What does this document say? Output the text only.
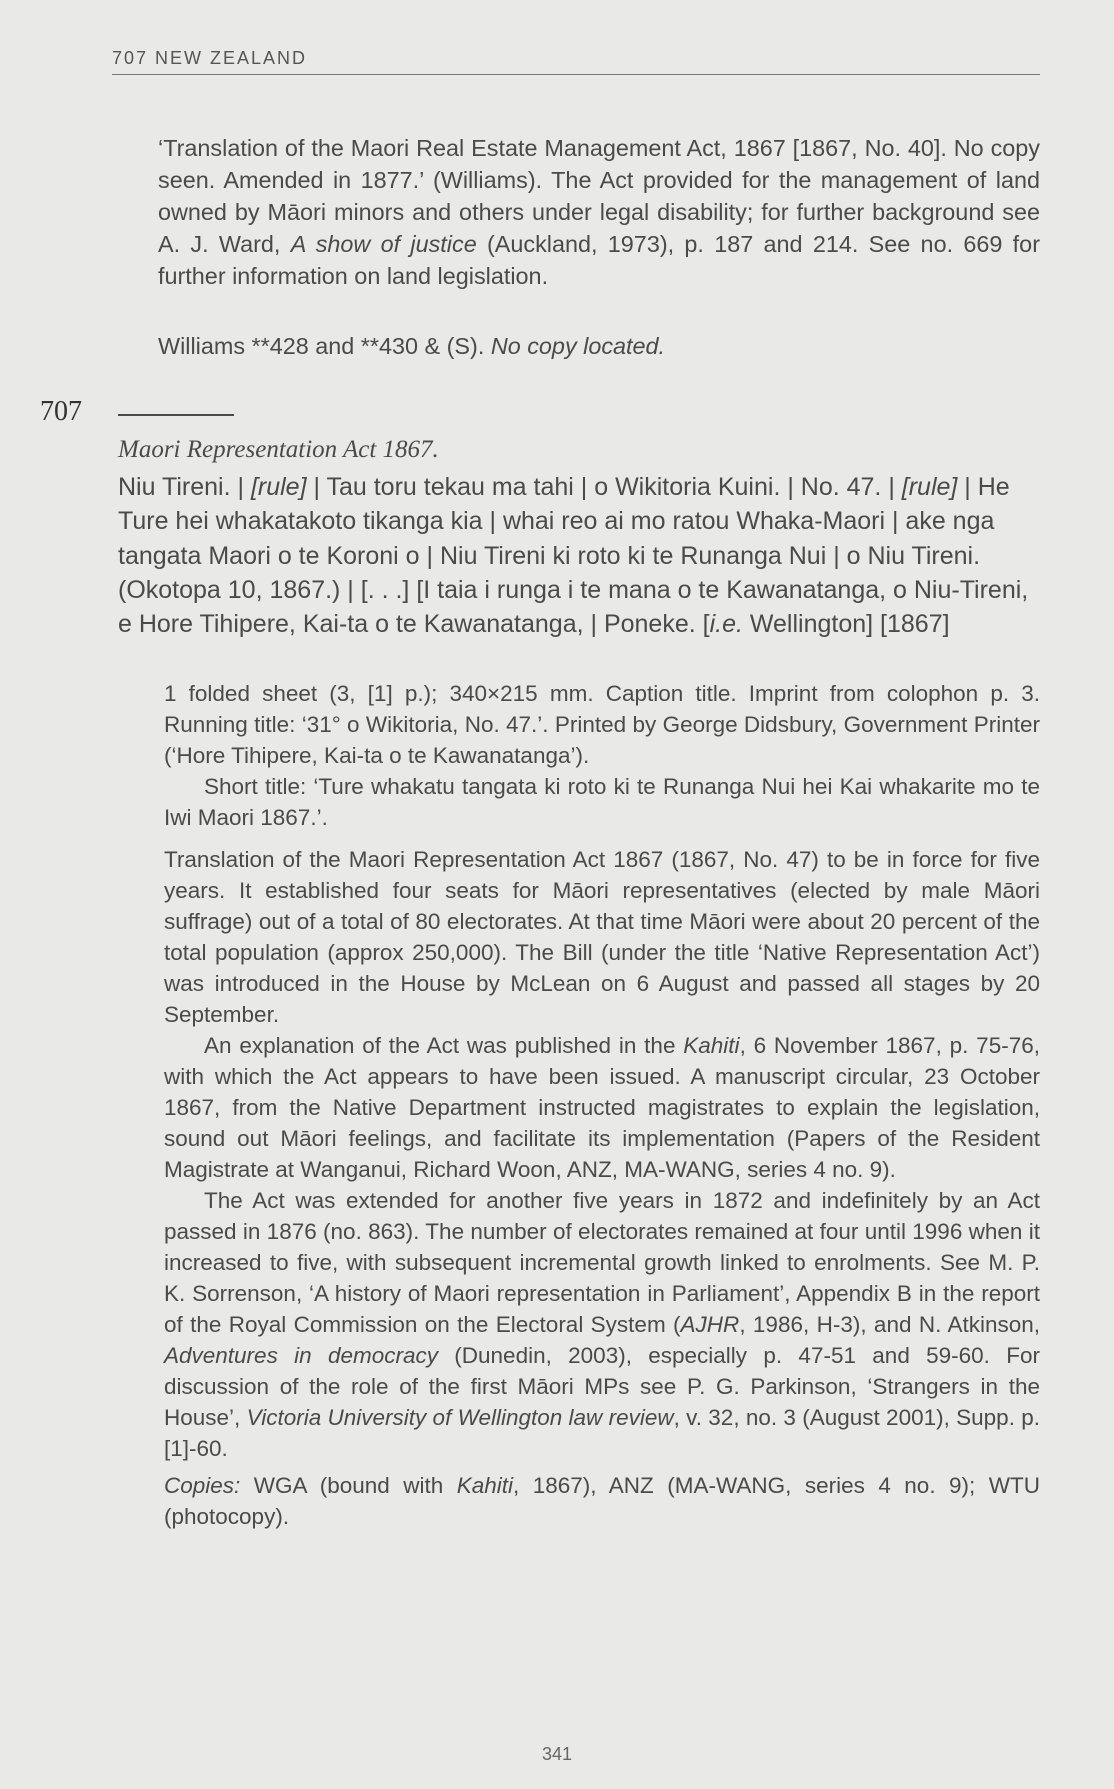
707 NEW ZEALAND

‘Translation of the Maori Real Estate Management Act, 1867 [1867, No. 40]. No copy seen. Amended in 1877.’ (Williams). The Act provided for the management of land owned by Māori minors and others under legal disability; for further background see A. J. Ward, A show of justice (Auckland, 1973), p. 187 and 214. See no. 669 for further information on land legislation.

Williams **428 and **430 & (S). No copy located.

707
Maori Representation Act 1867.

Niu Tireni. | [rule] | Tau toru tekau ma tahi | o Wikitoria Kuini. | No. 47. | [rule] | He Ture hei whakatakoto tikanga kia | whai reo ai mo ratou Whaka-Maori | ake nga tangata Maori o te Koroni o | Niu Tireni ki roto ki te Runanga Nui | o Niu Tireni. (Okotopa 10, 1867.) | [. . .] [I taia i runga i te mana o te Kawanatanga, o Niu-Tireni, e Hore Tihipere, Kai-ta o te Kawanatanga, | Poneke. [i.e. Wellington] [1867]

1 folded sheet (3, [1] p.); 340×215 mm. Caption title. Imprint from colophon p. 3. Running title: ‘31° o Wikitoria, No. 47.’. Printed by George Didsbury, Government Printer (‘Hore Tihipere, Kai-ta o te Kawanatanga’).

Short title: ‘Ture whakatu tangata ki roto ki te Runanga Nui hei Kai whakarite mo te Iwi Maori 1867.’.

Translation of the Maori Representation Act 1867 (1867, No. 47) to be in force for five years. It established four seats for Māori representatives (elected by male Māori suffrage) out of a total of 80 electorates. At that time Māori were about 20 percent of the total population (approx 250,000). The Bill (under the title ‘Native Representation Act’) was introduced in the House by McLean on 6 August and passed all stages by 20 September.

An explanation of the Act was published in the Kahiti, 6 November 1867, p. 75-76, with which the Act appears to have been issued. A manuscript circular, 23 October 1867, from the Native Department instructed magistrates to explain the legislation, sound out Māori feelings, and facilitate its implementation (Papers of the Resident Magistrate at Wanganui, Richard Woon, ANZ, MA-WANG, series 4 no. 9).

The Act was extended for another five years in 1872 and indefinitely by an Act passed in 1876 (no. 863). The number of electorates remained at four until 1996 when it increased to five, with subsequent incremental growth linked to enrolments. See M. P. K. Sorrenson, ‘A history of Maori representation in Parliament’, Appendix B in the report of the Royal Commission on the Electoral System (AJHR, 1986, H-3), and N. Atkinson, Adventures in democracy (Dunedin, 2003), especially p. 47-51 and 59-60. For discussion of the role of the first Māori MPs see P. G. Parkinson, ‘Strangers in the House’, Victoria University of Wellington law review, v. 32, no. 3 (August 2001), Supp. p. [1]-60.

Copies: WGA (bound with Kahiti, 1867), ANZ (MA-WANG, series 4 no. 9); WTU (photocopy).

341
